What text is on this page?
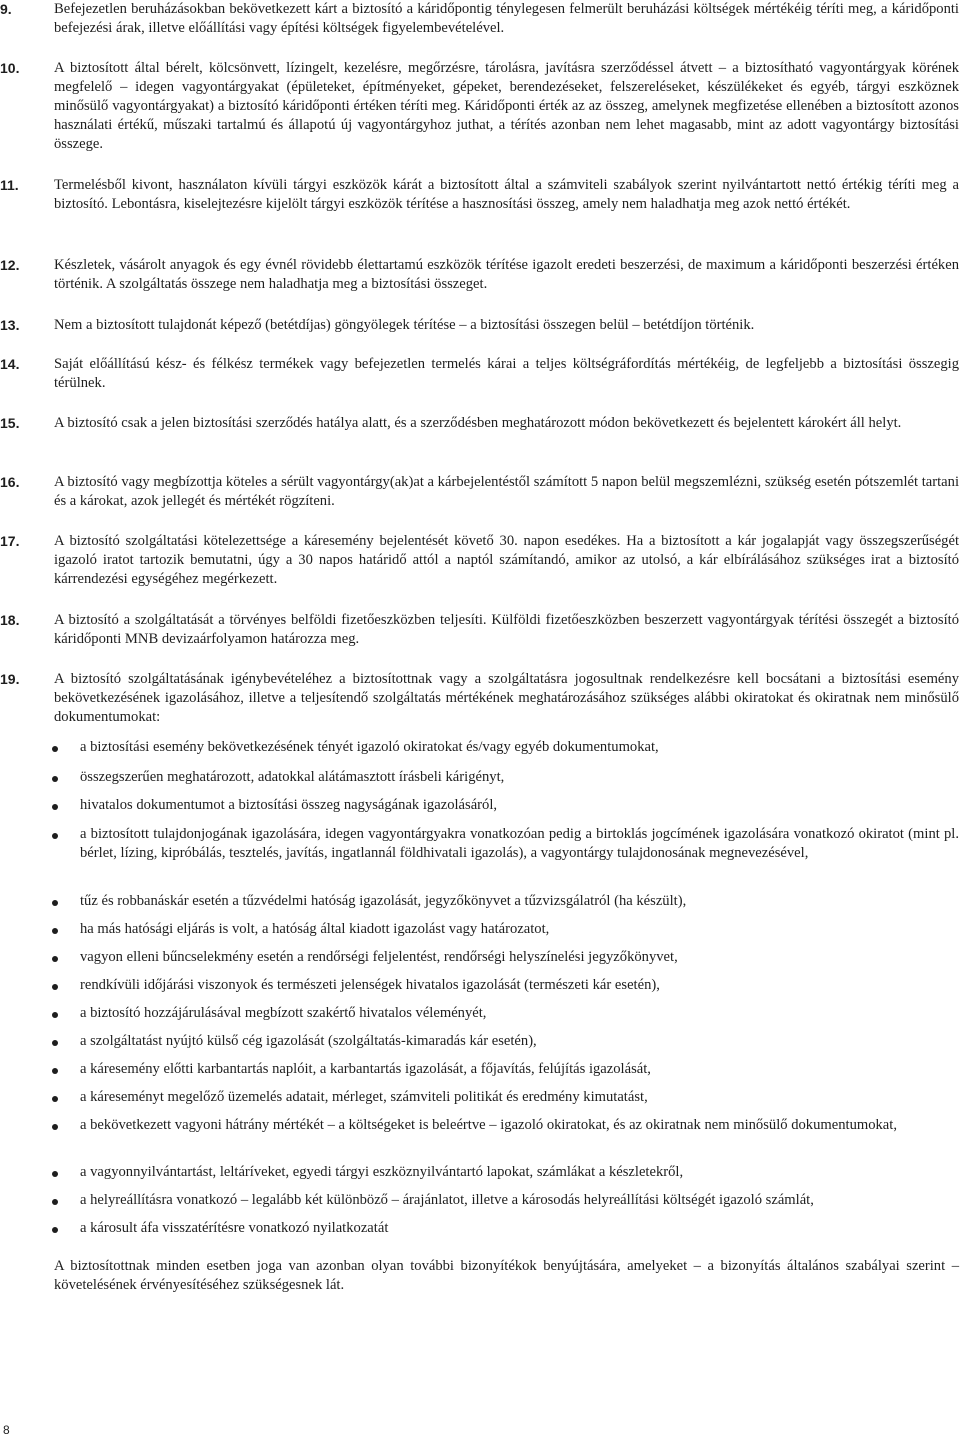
9.	Befejezetlen beruházásokban bekövetkezett kárt a biztosító a káridőpontig ténylegesen felmerült beruházási költségek mértékéig téríti meg, a káridőponti befejezési árak, illetve előállítási vagy építési költségek figyelembevételével.
10. A biztosított által bérelt, kölcsönvett, lízingelt, kezelésre, megőrzésre, tárolásra, javításra szerződéssel átvett – a biztosítható vagyontárgyak körének megfelelő – idegen vagyontárgyakat (épületeket, építményeket, gépeket, berendezéseket, felszereléseket, készülékeket és egyéb, tárgyi eszköznek minősülő vagyontárgyakat) a biztosító káridőponti értéken téríti meg. Káridőponti érték az az összeg, amelynek megfizetése ellenében a biztosított azonos használati értékű, műszaki tartalmú és állapotú új vagyontárgyhoz juthat, a térítés azonban nem lehet magasabb, mint az adott vagyontárgy biztosítási összege.
11. Termelésből kivont, használaton kívüli tárgyi eszközök kárát a biztosított által a számviteli szabályok szerint nyilvántartott nettó értékig téríti meg a biztosító. Lebontásra, kiselejtezésre kijelölt tárgyi eszközök térítése a hasznosítási összeg, amely nem haladhatja meg azok nettó értékét.
12. Készletek, vásárolt anyagok és egy évnél rövidebb élettartamú eszközök térítése igazolt eredeti beszerzési, de maximum a káridőponti beszerzési értéken történik. A szolgáltatás összege nem haladhatja meg a biztosítási összeget.
13. Nem a biztosított tulajdonát képező (betétdíjas) göngyölegek térítése – a biztosítási összegen belül – betétdíjon történik.
14. Saját előállítású kész- és félkész termékek vagy befejezetlen termelés kárai a teljes költségráfordítás mértékéig, de legfeljebb a biztosítási összegig térülnek.
15. A biztosító csak a jelen biztosítási szerződés hatálya alatt, és a szerződésben meghatározott módon bekövetkezett és bejelentett károkért áll helyt.
16. A biztosító vagy megbízottja köteles a sérült vagyontárgy(ak)at a kárbejelentéstől számított 5 napon belül megszemlézni, szükség esetén pótszemlét tartani és a károkat, azok jellegét és mértékét rögzíteni.
17. A biztosító szolgáltatási kötelezettsége a káresemény bejelentését követő 30. napon esedékes. Ha a biztosított a kár jogalapját vagy összegszerűségét igazoló iratot tartozik bemutatni, úgy a 30 napos határidő attól a naptól számítandó, amikor az utolsó, a kár elbírálásához szükséges irat a biztosító kárrendezési egységéhez megérkezett.
18. A biztosító a szolgáltatását a törvényes belföldi fizetőeszközben teljesíti. Külföldi fizetőeszközben beszerzett vagyontárgyak térítési összegét a biztosító káridőponti MNB devizaárfolyamon határozza meg.
19. A biztosító szolgáltatásának igénybevételéhez a biztosítottnak vagy a szolgáltatásra jogosultnak rendelkezésre kell bocsátani a biztosítási esemény bekövetkezésének igazolásához, illetve a teljesítendő szolgáltatás mértékének meghatározásához szükséges alábbi okiratokat és okiratnak nem minősülő dokumentumokat:
a biztosítási esemény bekövetkezésének tényét igazoló okiratokat és/vagy egyéb dokumentumokat,
összegszerűen meghatározott, adatokkal alátámasztott írásbeli kárigényt,
hivatalos dokumentumot a biztosítási összeg nagyságának igazolásáról,
a biztosított tulajdonjogának igazolására, idegen vagyontárgyakra vonatkozóan pedig a birtoklás jogcímének igazolására vonatkozó okiratot (mint pl. bérlet, lízing, kipróbálás, tesztelés, javítás, ingatlannál földhivatali igazolás), a vagyontárgy tulajdonosának megnevezésével,
tűz és robbanáskár esetén a tűzvédelmi hatóság igazolását, jegyzőkönyvet a tűzvizsgálatról (ha készült),
ha más hatósági eljárás is volt, a hatóság által kiadott igazolást vagy határozatot,
vagyon elleni bűncselekmény esetén a rendőrségi feljelentést, rendőrségi helyszínelési jegyzőkönyvet,
rendkívüli időjárási viszonyok és természeti jelenségek hivatalos igazolását (természeti kár esetén),
a biztosító hozzájárulásával megbízott szakértő hivatalos véleményét,
a szolgáltatást nyújtó külső cég igazolását (szolgáltatás-kimaradás kár esetén),
a káresemény előtti karbantartás naplóit, a karbantartás igazolását, a főjavítás, felújítás igazolását,
a káreseményt megelőző üzemelés adatait, mérleget, számviteli politikát és eredmény kimutatást,
a bekövetkezett vagyoni hátrány mértékét – a költségeket is beleértve – igazoló okiratokat, és az okiratnak nem minősülő dokumentumokat,
a vagyonnyilvántartást, leltáríveket, egyedi tárgyi eszköznyilvántartó lapokat, számlákat a készletekről,
a helyreállításra vonatkozó – legalább két különböző – árajánlatot, illetve a károsodás helyreállítási költségét igazoló számlát,
a károsult áfa visszatérítésre vonatkozó nyilatkozatát
A biztosítottnak minden esetben joga van azonban olyan további bizonyítékok benyújtására, amelyeket – a bizonyítás általános szabályai szerint – követelésének érvényesítéséhez szükségesnek lát.
8
